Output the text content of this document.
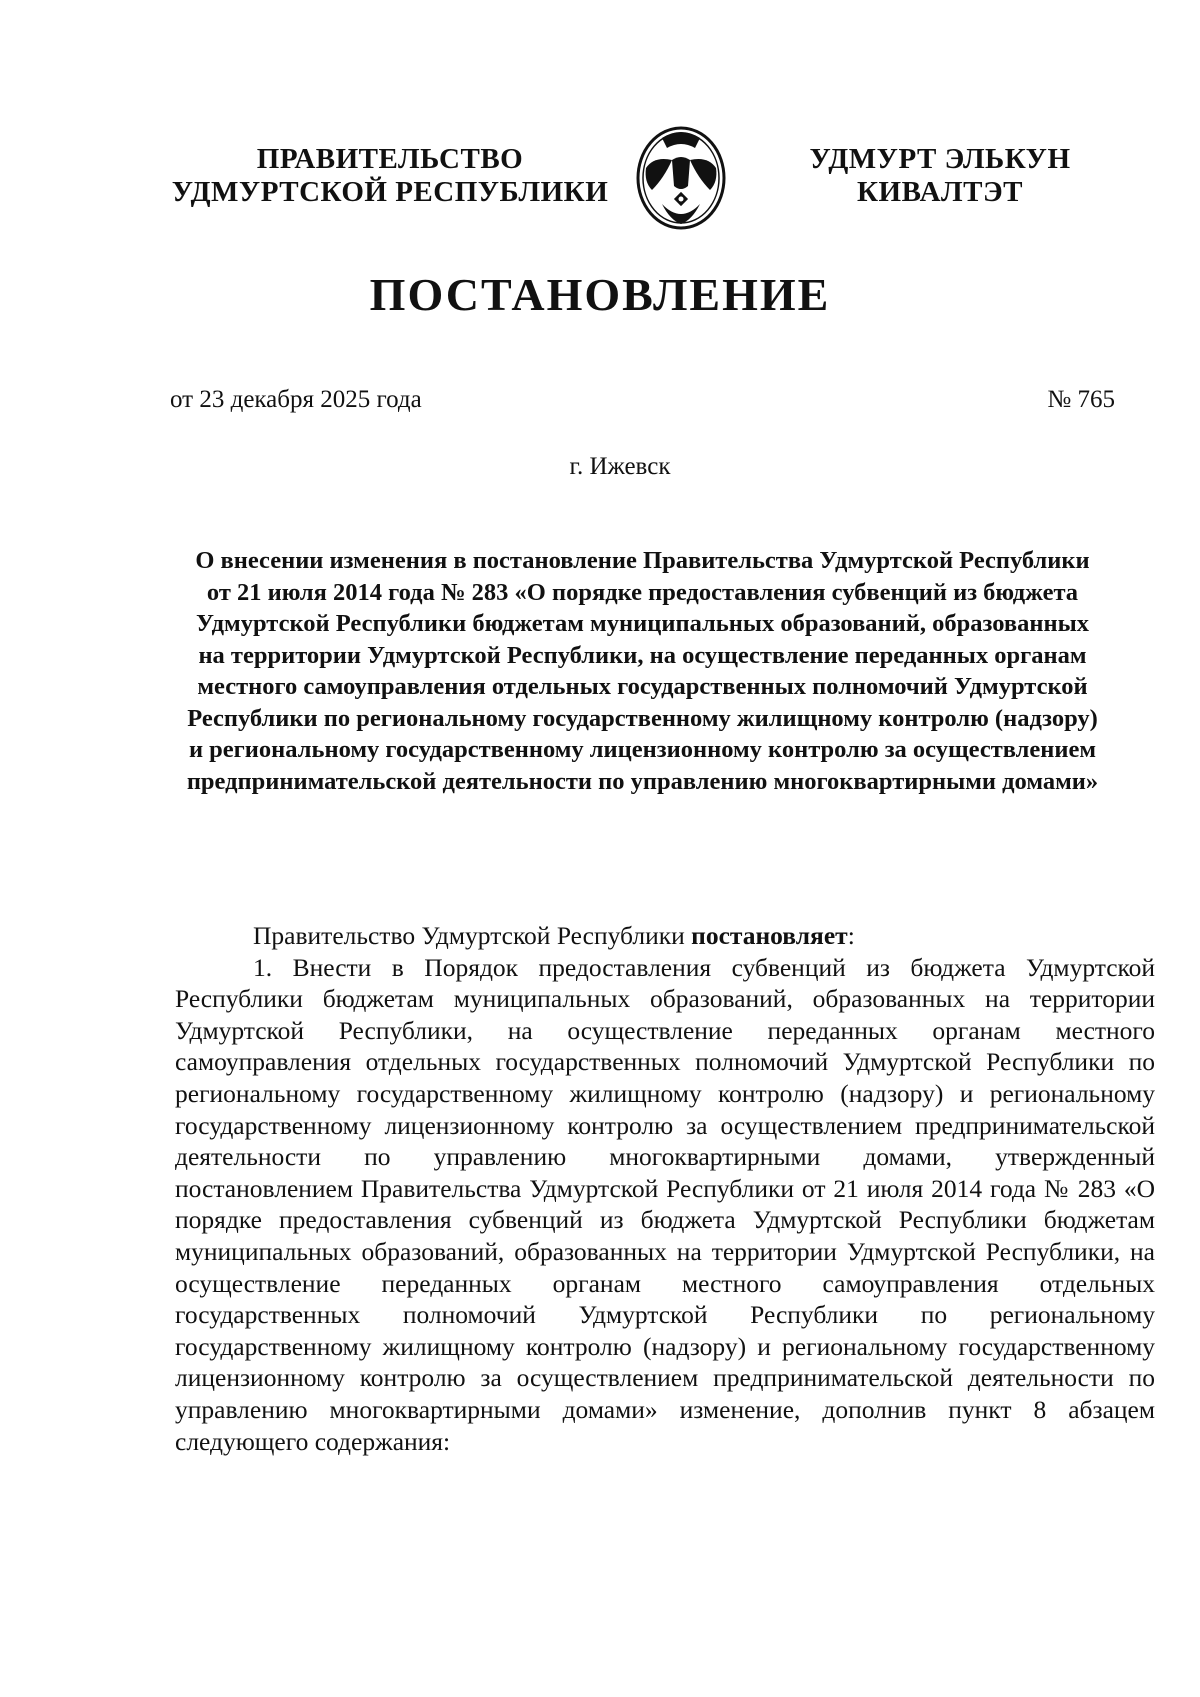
ПРАВИТЕЛЬСТВО
УДМУРТСКОЙ РЕСПУБЛИКИ
УДМУРТ ЭЛЬКУН
КИВАЛТЭТ
ПОСТАНОВЛЕНИЕ
от 23 декабря 2025 года	№ 765
г. Ижевск
О внесении изменения в постановление Правительства Удмуртской Республики от 21 июля 2014 года № 283 «О порядке предоставления субвенций из бюджета Удмуртской Республики бюджетам муниципальных образований, образованных на территории Удмуртской Республики, на осуществление переданных органам местного самоуправления отдельных государственных полномочий Удмуртской Республики по региональному государственному жилищному контролю (надзору) и региональному государственному лицензионному контролю за осуществлением предпринимательской деятельности по управлению многоквартирными домами»

Правительство Удмуртской Республики постановляет:

1. Внести в Порядок предоставления субвенций из бюджета Удмуртской Республики бюджетам муниципальных образований, образованных на территории Удмуртской Республики, на осуществление переданных органам местного самоуправления отдельных государственных полномочий Удмуртской Республики по региональному государственному жилищному контролю (надзору) и региональному государственному лицензионному контролю за осуществлением предпринимательской деятельности по управлению многоквартирными домами, утвержденный постановлением Правительства Удмуртской Республики от 21 июля 2014 года № 283 «О порядке предоставления субвенций из бюджета Удмуртской Республики бюджетам муниципальных образований, образованных на территории Удмуртской Республики, на осуществление переданных органам местного самоуправления отдельных государственных полномочий Удмуртской Республики по региональному государственному жилищному контролю (надзору) и региональному государственному лицензионному контролю за осуществлением предпринимательской деятельности по управлению многоквартирными домами» изменение, дополнив пункт 8 абзацем следующего содержания:
